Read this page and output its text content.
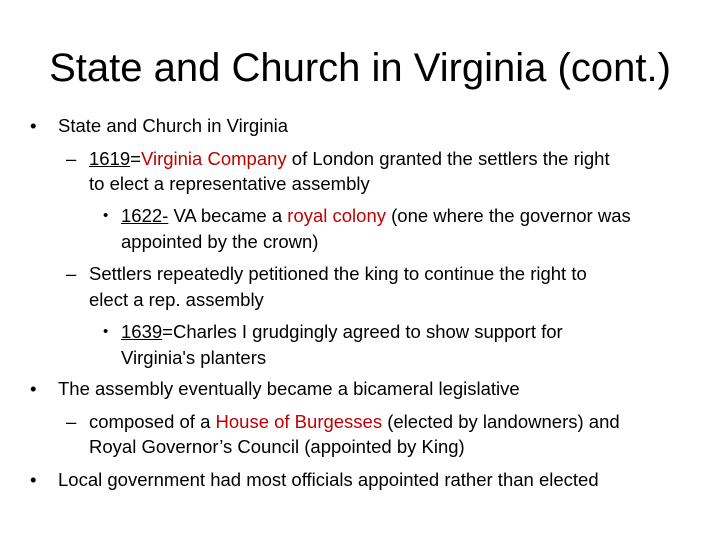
State and Church in Virginia (cont.)
• State and Church in Virginia
– 1619=Virginia Company of London granted the settlers the right
to elect a representative assembly
• 1622- VA became a royal colony (one where the governor was
appointed by the crown)
– Settlers repeatedly petitioned the king to continue the right to
elect a rep. assembly
• 1639=Charles I grudgingly agreed to show support for
Virginia's planters
• The assembly eventually became a bicameral legislative
– composed of a House of Burgesses (elected by landowners) and
Royal Governor’s Council (appointed by King)
• Local government had most officials appointed rather than elected
